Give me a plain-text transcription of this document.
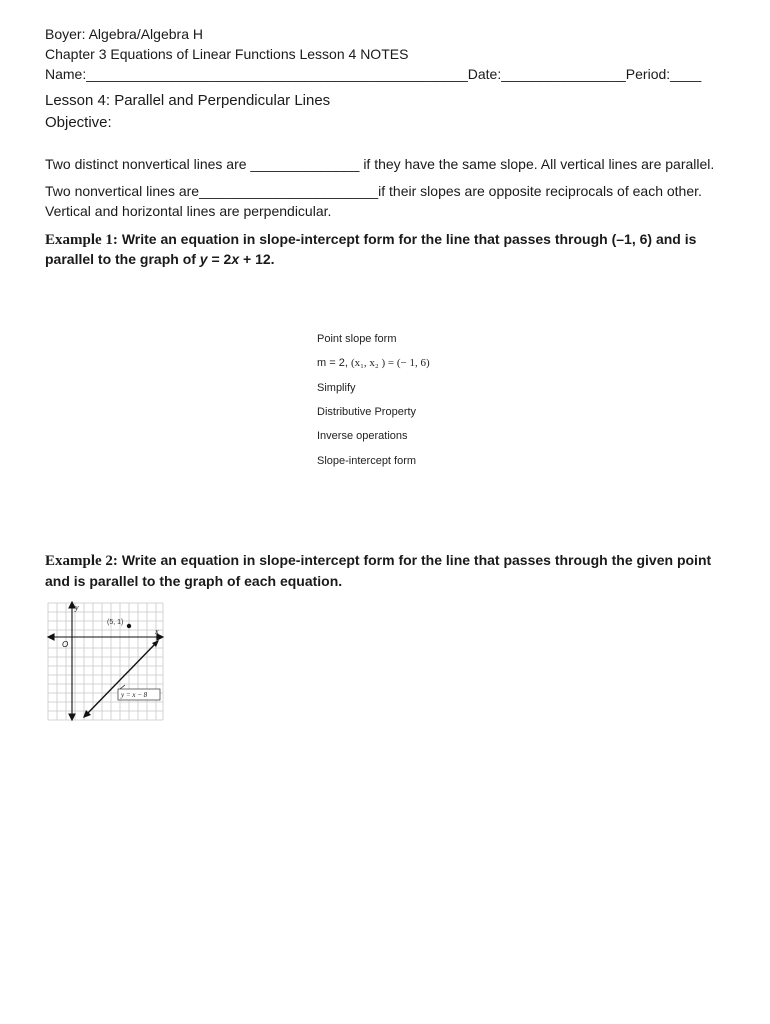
Boyer: Algebra/Algebra H
Chapter 3 Equations of Linear Functions Lesson 4 NOTES
Name:_________________________________________________Date:________________Period:____
Lesson 4: Parallel and Perpendicular Lines
Objective:
Two distinct nonvertical lines are ______________ if they have the same slope. All vertical lines are parallel.
Two nonvertical lines are_______________________if their slopes are opposite reciprocals of each other.
Vertical and horizontal lines are perpendicular.
Example 1: Write an equation in slope-intercept form for the line that passes through (–1, 6) and is
parallel to the graph of y = 2x + 12.
Point slope form
m = 2, (x₁, x₂ ) = (− 1, 6)
Simplify
Distributive Property
Inverse operations
Slope-intercept form
Example 2: Write an equation in slope-intercept form for the line that passes through the given point
and is parallel to the graph of each equation.
y
x
O
(5, 1)
y = x − 8
